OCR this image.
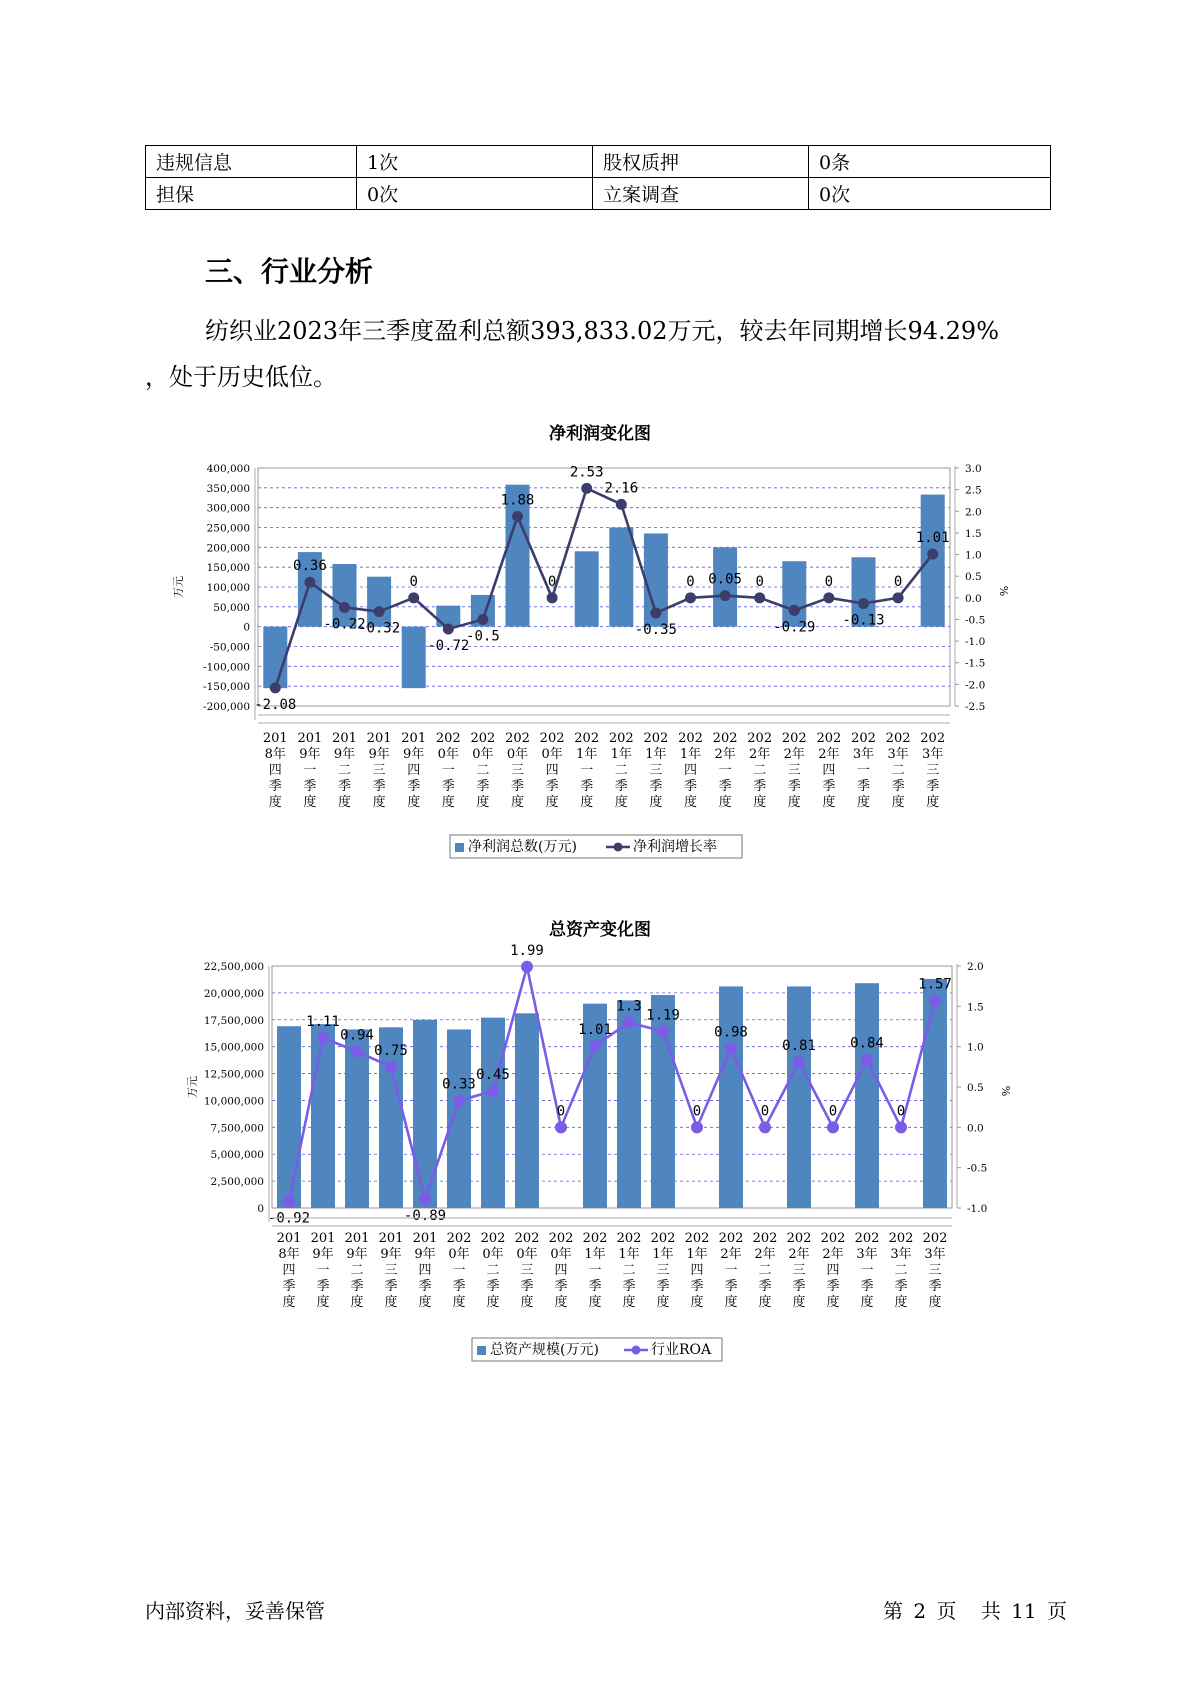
违规信息	1次	股权质押	0条
担保	0次	立案调查	0次
三、行业分析

纺织业2023年三季度盈利总额393,833.02万元，较去年同期增长94.29%
，处于历史低位。

净利润变化图
400,000
350,000
300,000
250,000
200,000
150,000
100,000
50,000
0
-50,000
-100,000
-150,000
-200,000
3.0
2.5
2.0
1.5
1.0
0.5
0.0
-0.5
-1.0
-1.5
-2.0
-2.5
万元	%
-2.08
0.36
-0.22
-0.32
0
-0.72
-0.5
1.88
0
2.53
2.16
-0.35
0 0.05 0
-0.29
0
-0.13
0
1.01
201
8年
四
季
度
201
9年
一
季
度
201
9年
二
季
度
201
9年
三
季
度
201
9年
四
季
度
202
0年
一
季
度
202
0年
二
季
度
202
0年
三
季
度
202
0年
四
季
度
202
1年
一
季
度
202
1年
二
季
度
202
1年
三
季
度
202
1年
四
季
度
202
2年
一
季
度
202
2年
二
季
度
202
2年
三
季
度
202
2年
四
季
度
202
3年
一
季
度
202
3年
二
季
度
202
3年
三
季
度
净利润总数(万元)	净利润增长率
总资产变化图
22,500,000
20,000,000
17,500,000
15,000,000
12,500,000
10,000,000
7,500,000
5,000,000
2,500,000
0
2.0
1.5
1.0
0.5
0.0
-0.5
-1.0
万元	%
-0.92
1.11
0.94
0.75
-0.89
0.33
0.45
1.99
0
1.01
1.3
1.19
0
0.98
0
0.81
0
0.84
0
1.57
201
8年
四
季
度
201
9年
一
季
度
201
9年
二
季
度
201
9年
三
季
度
201
9年
四
季
度
202
0年
一
季
度
202
0年
二
季
度
202
0年
三
季
度
202
0年
四
季
度
202
1年
一
季
度
202
1年
二
季
度
202
1年
三
季
度
202
1年
四
季
度
202
2年
一
季
度
202
2年
二
季
度
202
2年
三
季
度
202
2年
四
季
度
202
3年
一
季
度
202
3年
二
季
度
202
3年
三
季
度
总资产规模(万元)	行业ROA
内部资料，妥善保管	第 2 页 共 11 页
